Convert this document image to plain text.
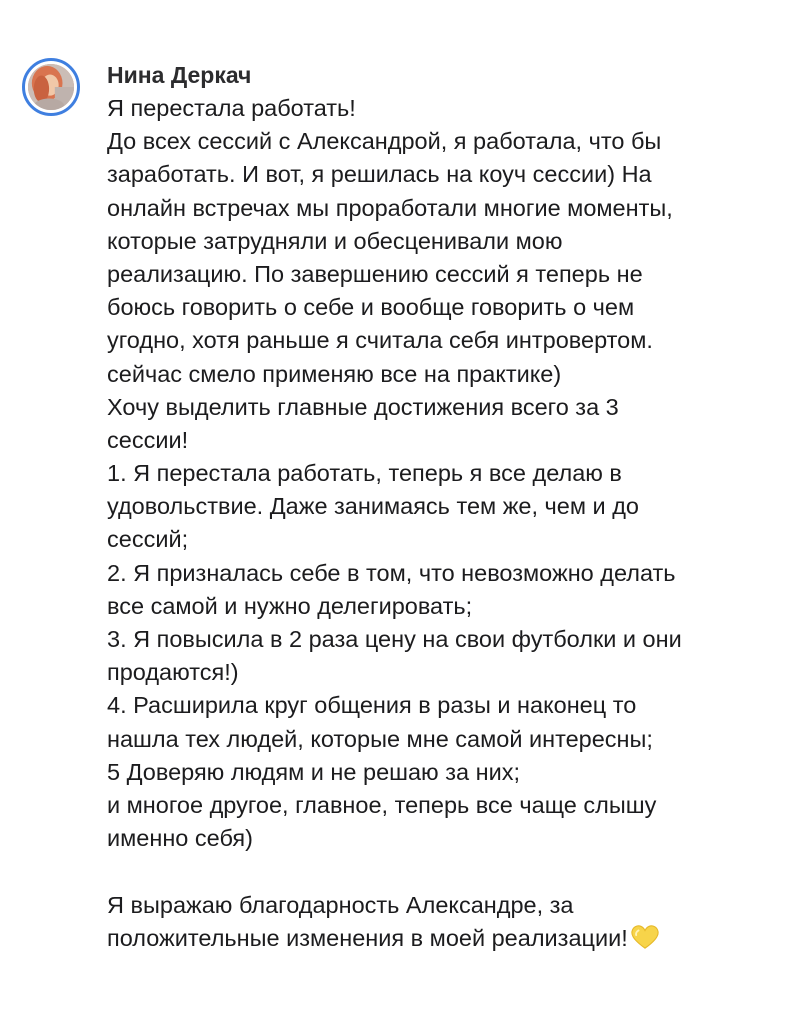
Нина Деркач
Я перестала работать!
До всех сессий с Александрой, я работала, что бы
заработать. И вот, я решилась на коуч сессии) На
онлайн встречах мы проработали многие моменты,
которые затрудняли и обесценивали мою
реализацию. По завершению сессий я теперь не
боюсь говорить о себе и вообще говорить о чем
угодно, хотя раньше я считала себя интровертом.
сейчас смело применяю все на практике)
Хочу выделить главные достижения всего за 3
сессии!
1. Я перестала работать, теперь я все делаю в
удовольствие. Даже занимаясь тем же, чем и до
сессий;
2. Я призналась себе в том, что невозможно делать
все самой и нужно делегировать;
3. Я повысила в 2 раза цену на свои футболки и они
продаются!)
4. Расширила круг общения в разы и наконец то
нашла тех людей, которые мне самой интересны;
5 Доверяю людям и не решаю за них;
и многое другое, главное, теперь все чаще слышу
именно себя)
Я выражаю благодарность Александре, за
положительные изменения в моей реализации!
